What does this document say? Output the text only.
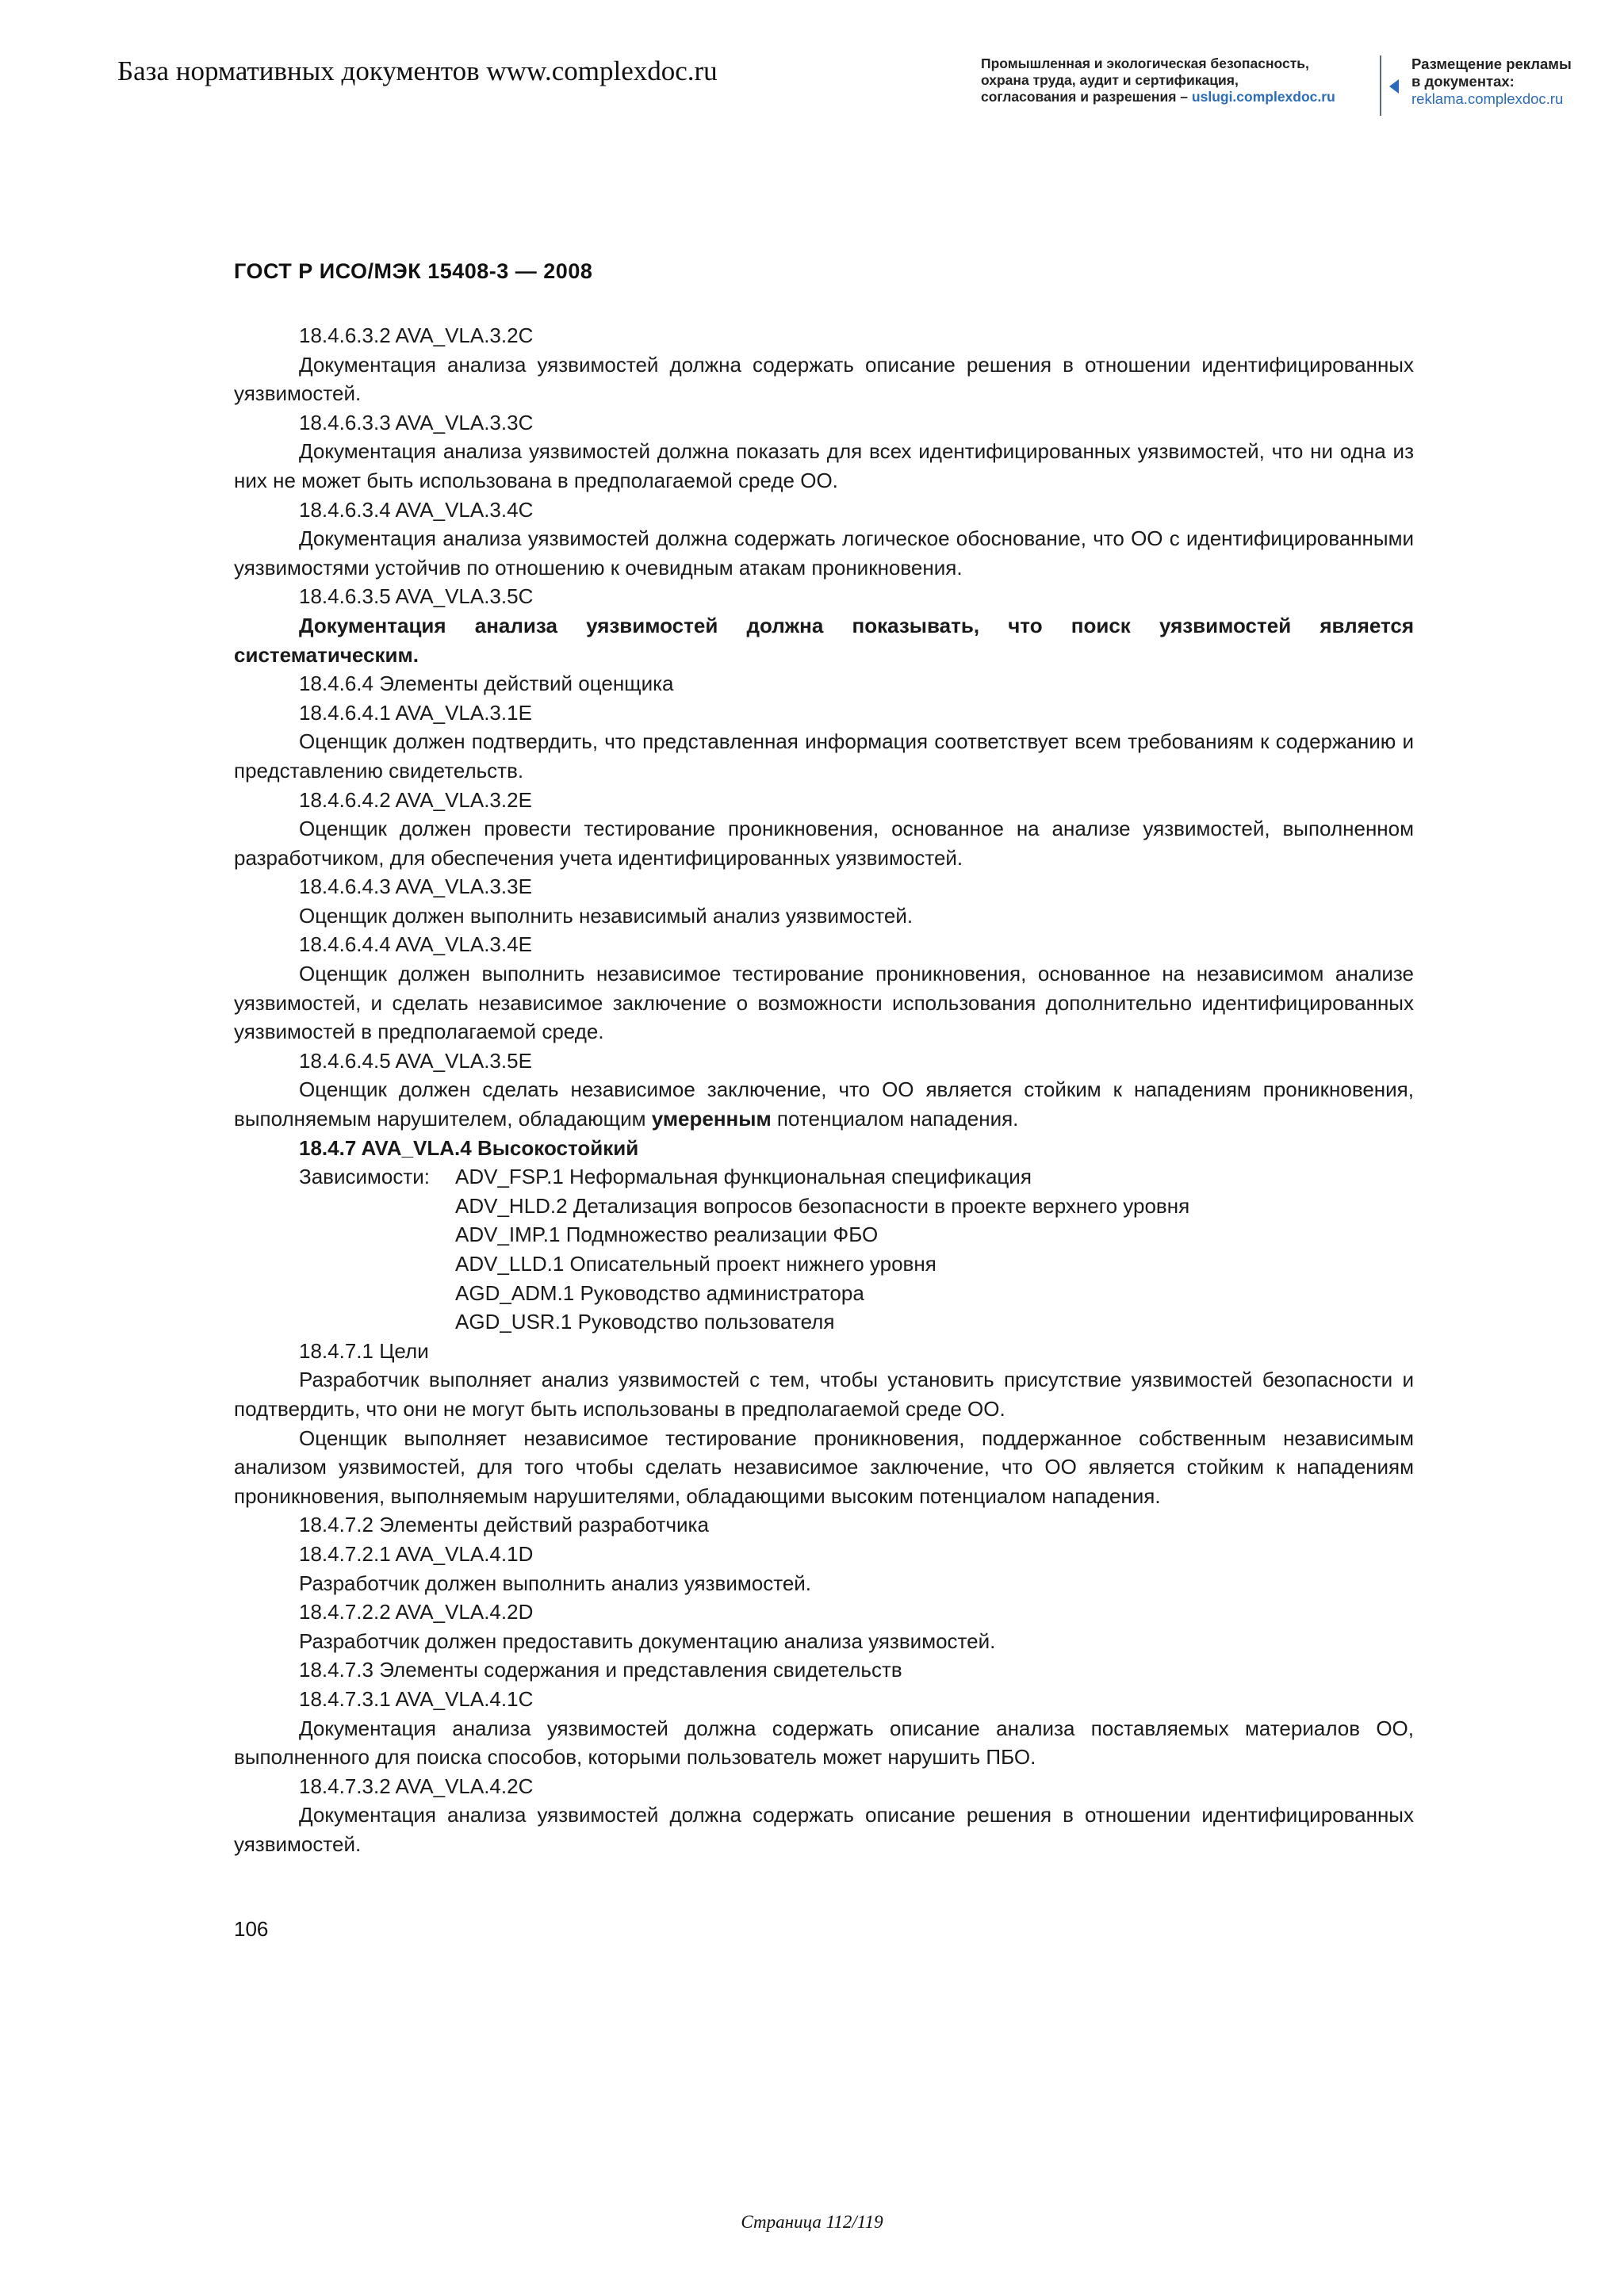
База нормативных документов www.complexdoc.ru	Промышленная и экологическая безопасность,
охрана труда, аудит и сертификация,
согласования и разрешения – uslugi.complexdoc.ru
Размещение рекламы
в документах:
reklama.complexdoc.ru
ГОСТ Р ИСО/МЭК 15408-3 — 2008
18.4.6.3.2 AVA_VLA.3.2C

Документация анализа уязвимостей должна содержать описание решения в отношении идентифицированных уязвимостей.

18.4.6.3.3 AVA_VLA.3.3C

Документация анализа уязвимостей должна показать для всех идентифицированных уязвимостей, что ни одна из них не может быть использована в предполагаемой среде ОО.

18.4.6.3.4 AVA_VLA.3.4C

Документация анализа уязвимостей должна содержать логическое обоснование, что ОО с идентифицированными уязвимостями устойчив по отношению к очевидным атакам проникновения.

18.4.6.3.5 AVA_VLA.3.5C

Документация анализа уязвимостей должна показывать, что поиск уязвимостей является систематическим.

18.4.6.4 Элементы действий оценщика
18.4.6.4.1 AVA_VLA.3.1E

Оценщик должен подтвердить, что представленная информация соответствует всем требованиям к содержанию и представлению свидетельств.

18.4.6.4.2 AVA_VLA.3.2E

Оценщик должен провести тестирование проникновения, основанное на анализе уязвимостей, выполненном разработчиком, для обеспечения учета идентифицированных уязвимостей.

18.4.6.4.3 AVA_VLA.3.3E

Оценщик должен выполнить независимый анализ уязвимостей.

18.4.6.4.4 AVA_VLA.3.4E

Оценщик должен выполнить независимое тестирование проникновения, основанное на независимом анализе уязвимостей, и сделать независимое заключение о возможности использования дополнительно идентифицированных уязвимостей в предполагаемой среде.

18.4.6.4.5 AVA_VLA.3.5E

Оценщик должен сделать независимое заключение, что ОО является стойким к нападениям проникновения, выполняемым нарушителем, обладающим умеренным потенциалом нападения.

18.4.7 AVA_VLA.4 Высокостойкий
Зависимости:	ADV_FSP.1 Неформальная функциональная спецификация
ADV_HLD.2 Детализация вопросов безопасности в проекте верхнего уровня
ADV_IMP.1 Подмножество реализации ФБО
ADV_LLD.1 Описательный проект нижнего уровня
AGD_ADM.1 Руководство администратора
AGD_USR.1 Руководство пользователя
18.4.7.1 Цели

Разработчик выполняет анализ уязвимостей с тем, чтобы установить присутствие уязвимостей безопасности и подтвердить, что они не могут быть использованы в предполагаемой среде ОО.

Оценщик выполняет независимое тестирование проникновения, поддержанное собственным независимым анализом уязвимостей, для того чтобы сделать независимое заключение, что ОО является стойким к нападениям проникновения, выполняемым нарушителями, обладающими высоким потенциалом нападения.

18.4.7.2 Элементы действий разработчика
18.4.7.2.1 AVA_VLA.4.1D
Разработчик должен выполнить анализ уязвимостей.
18.4.7.2.2 AVA_VLA.4.2D
Разработчик должен предоставить документацию анализа уязвимостей.
18.4.7.3 Элементы содержания и представления свидетельств
18.4.7.3.1 AVA_VLA.4.1C

Документация анализа уязвимостей должна содержать описание анализа поставляемых материалов ОО, выполненного для поиска способов, которыми пользователь может нарушить ПБО.

18.4.7.3.2 AVA_VLA.4.2C

Документация анализа уязвимостей должна содержать описание решения в отношении идентифицированных уязвимостей.

106
Страница 112/119
